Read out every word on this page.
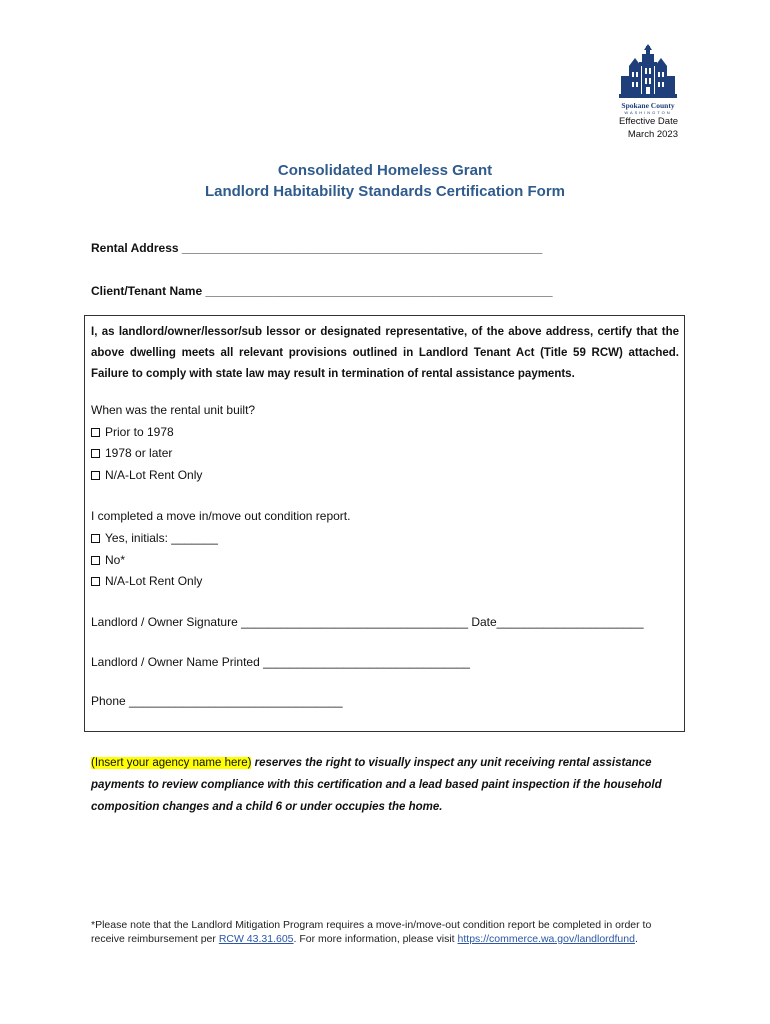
Spokane County
WASHINGTON
Effective Date
March 2023
Consolidated Homeless Grant
Landlord Habitability Standards Certification Form
Rental Address ______________________________________________________
Client/Tenant Name ____________________________________________________
I, as landlord/owner/lessor/sub lessor or designated representative, of the above address, certify that the above dwelling meets all relevant provisions outlined in Landlord Tenant Act (Title 59 RCW) attached. Failure to comply with state law may result in termination of rental assistance payments.
When was the rental unit built?
Prior to 1978
1978 or later
N/A-Lot Rent Only
I completed a move in/move out condition report.
Yes, initials: _______
No*
N/A-Lot Rent Only
Landlord / Owner Signature __________________________________ Date______________________
Landlord / Owner Name Printed _______________________________
Phone ________________________________
(Insert your agency name here) reserves the right to visually inspect any unit receiving rental assistance payments to review compliance with this certification and a lead based paint inspection if the household composition changes and a child 6 or under occupies the home.
*Please note that the Landlord Mitigation Program requires a move-in/move-out condition report be completed in order to receive reimbursement per RCW 43.31.605. For more information, please visit https://commerce.wa.gov/landlordfund.
